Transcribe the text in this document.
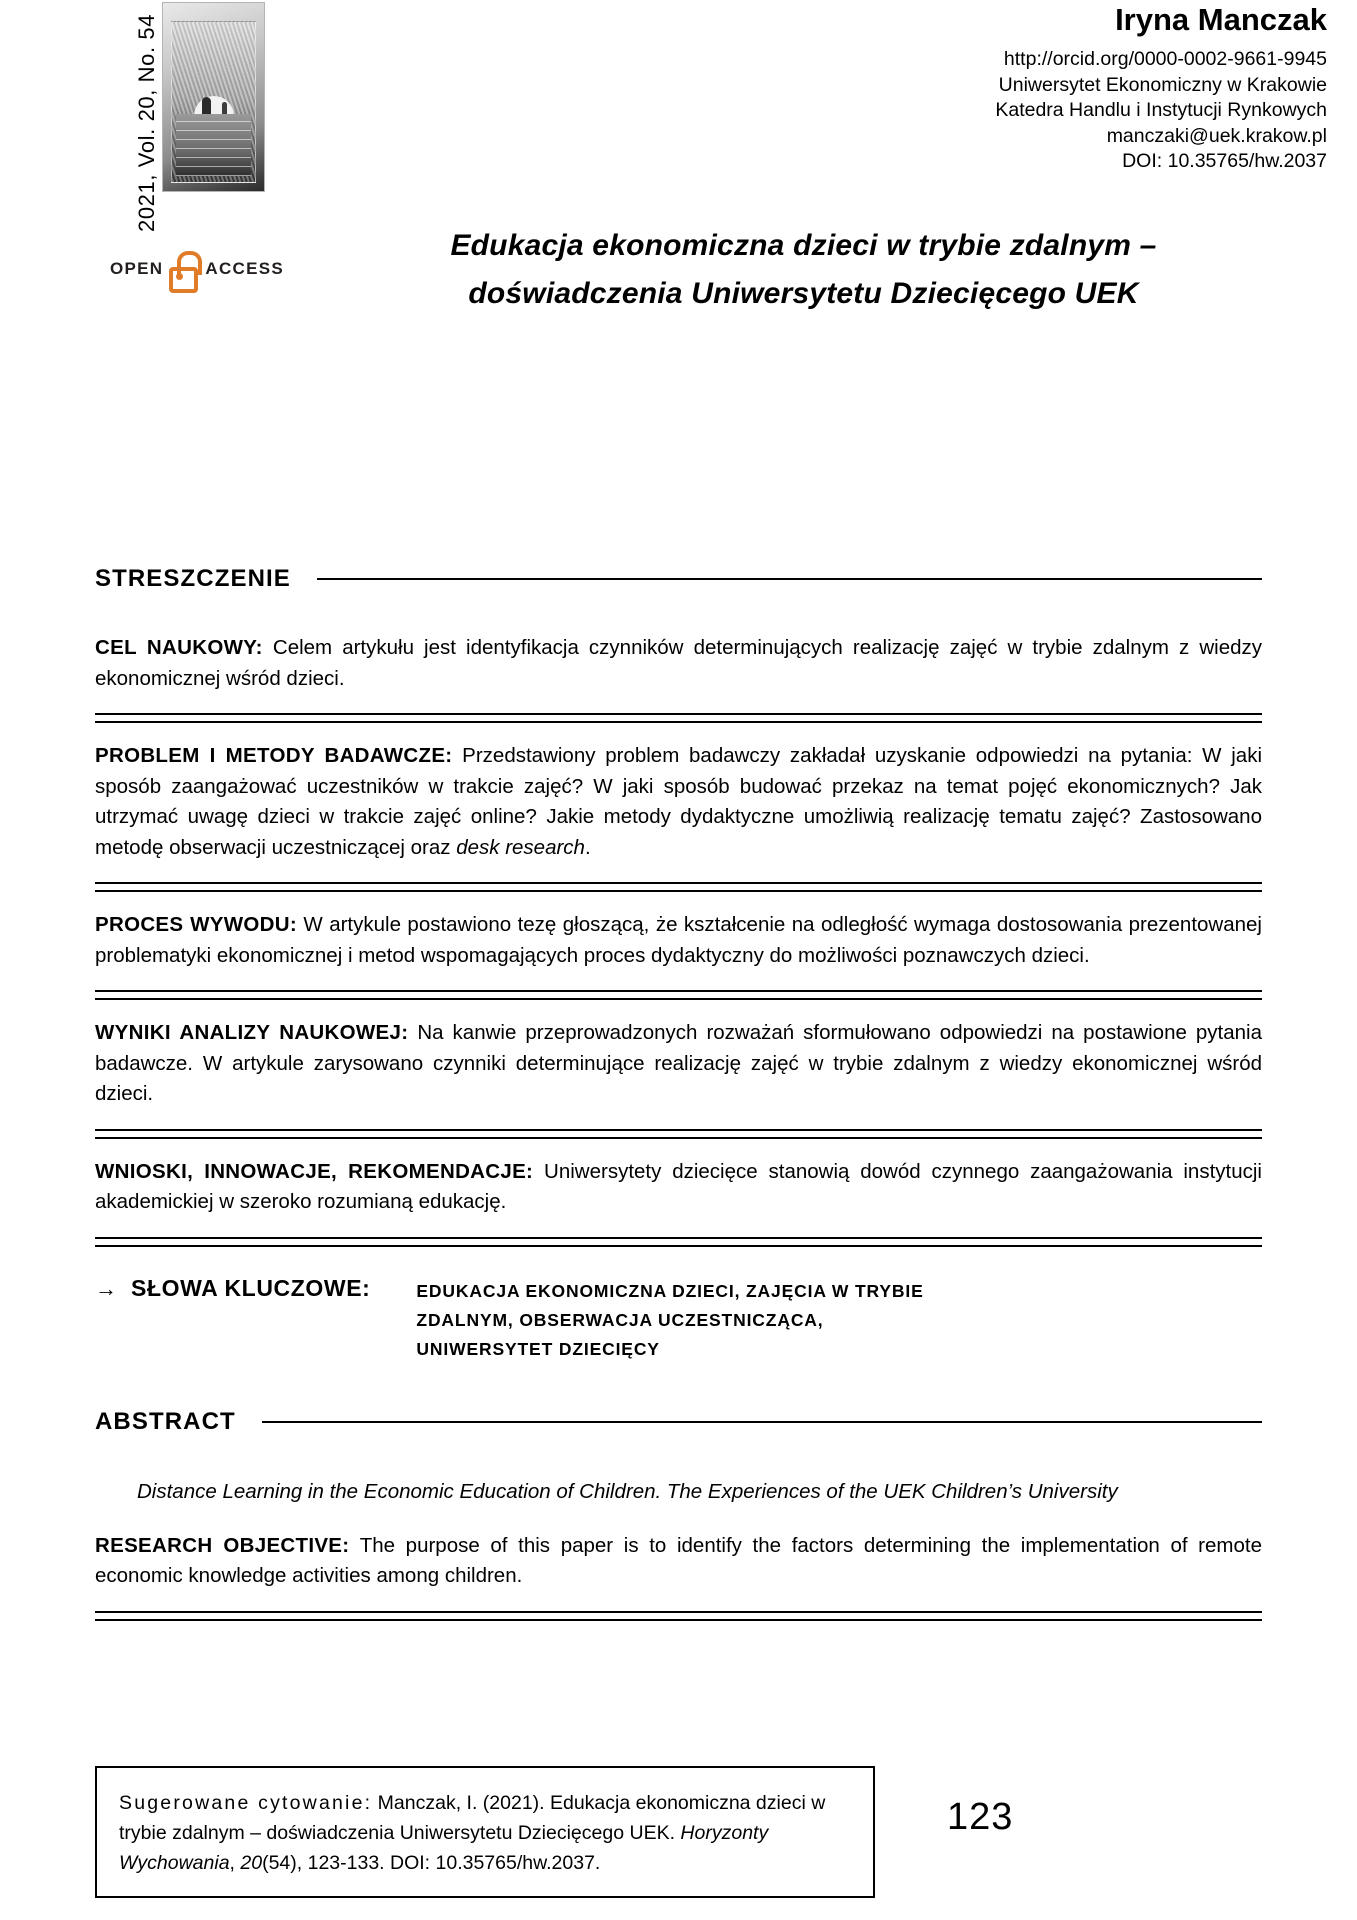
2021, Vol. 20, No. 54
OPEN ACCESS
Iryna Manczak
http://orcid.org/0000-0002-9661-9945
Uniwersytet Ekonomiczny w Krakowie
Katedra Handlu i Instytucji Rynkowych
manczaki@uek.krakow.pl
DOI: 10.35765/hw.2037
Edukacja ekonomiczna dzieci w trybie zdalnym –
doświadczenia Uniwersytetu Dziecięcego UEK
STRESZCZENIE

CEL NAUKOWY: Celem artykułu jest identyfikacja czynników determinujących realizację zajęć w trybie zdalnym z wiedzy ekonomicznej wśród dzieci.

PROBLEM I METODY BADAWCZE: Przedstawiony problem badawczy zakładał uzyskanie odpowiedzi na pytania: W jaki sposób zaangażować uczestników w trakcie zajęć? W jaki sposób budować przekaz na temat pojęć ekonomicznych? Jak utrzymać uwagę dzieci w trakcie zajęć online? Jakie metody dydaktyczne umożliwią realizację tematu zajęć? Zastosowano metodę obserwacji uczestniczącej oraz desk research.

PROCES WYWODU: W artykule postawiono tezę głoszącą, że kształcenie na odległość wymaga dostosowania prezentowanej problematyki ekonomicznej i metod wspomagających proces dydaktyczny do możliwości poznawczych dzieci.

WYNIKI ANALIZY NAUKOWEJ: Na kanwie przeprowadzonych rozważań sformułowano odpowiedzi na postawione pytania badawcze. W artykule zarysowano czynniki determinujące realizację zajęć w trybie zdalnym z wiedzy ekonomicznej wśród dzieci.

WNIOSKI, INNOWACJE, REKOMENDACJE: Uniwersytety dziecięce stanowią dowód czynnego zaangażowania instytucji akademickiej w szeroko rozumianą edukację.

→ SŁOWA KLUCZOWE:	EDUKACJA EKONOMICZNA DZIECI, ZAJĘCIA W TRYBIE
ZDALNYM, OBSERWACJA UCZESTNICZĄCA,
UNIWERSYTET DZIECIĘCY
ABSTRACT

Distance Learning in the Economic Education of Children. The Experiences of the UEK Children’s University

RESEARCH OBJECTIVE: The purpose of this paper is to identify the factors determining the implementation of remote economic knowledge activities among children.

Sugerowane cytowanie: Manczak, I. (2021). Edukacja ekonomiczna dzieci w trybie zdalnym – doświadczenia Uniwersytetu Dziecięcego UEK. Horyzonty Wychowania, 20(54), 123-133. DOI: 10.35765/hw.2037.

123
